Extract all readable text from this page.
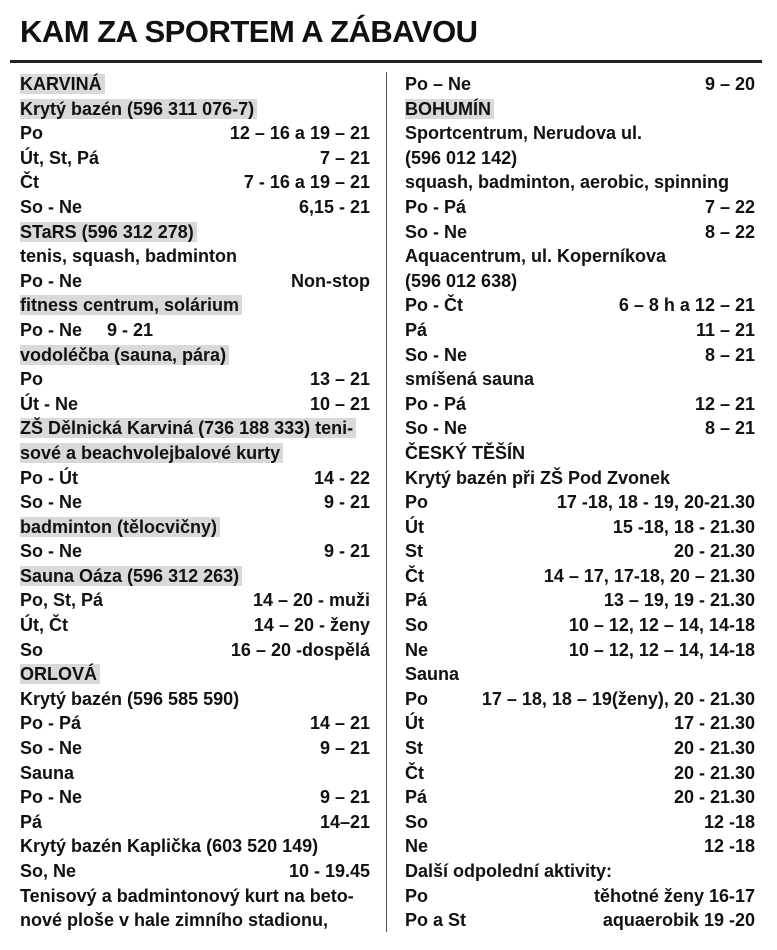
KAM ZA SPORTEM A ZÁBAVOU
KARVINÁ
Krytý bazén (596 311 076-7)
Po	12 – 16 a 19 – 21
Út, St, Pá	7 – 21
Čt	7 - 16 a 19 – 21
So - Ne	6,15 - 21
STaRS (596 312 278)
tenis, squash, badminton
Po - Ne	Non-stop
fitness centrum, solárium
Po - Ne     9 - 21
vodoléčba (sauna, pára)
Po	13 – 21
Út - Ne	10 – 21
ZŠ Dělnická Karviná (736 188 333) teni-
sové a beachvolejbalové kurty
Po - Út	14 - 22
So - Ne	9 - 21
badminton (tělocvičny)
So - Ne	9 - 21
Sauna Oáza (596 312 263)
Po, St, Pá	14 – 20 - muži
Út, Čt	14 – 20 - ženy
So	16 – 20 -dospělá
ORLOVÁ
Krytý bazén (596 585 590)
Po - Pá	14 – 21
So - Ne	9 – 21
Sauna
Po - Ne	9 – 21
Pá	14–21
Krytý bazén Kaplička (603 520 149)
So, Ne	10 - 19.45
Tenisový a badmintonový kurt na beto-
nové ploše v hale zimního stadionu,
Po – Ne	9 – 20
BOHUMÍN
Sportcentrum, Nerudova ul.
(596 012 142)
squash, badminton, aerobic, spinning
Po - Pá	7 – 22
So - Ne	8 – 22
Aquacentrum, ul. Koperníkova
(596 012 638)
Po - Čt	6 – 8 h a 12 – 21
Pá	11 – 21
So - Ne	8 – 21
smíšená sauna
Po - Pá	12 – 21
So - Ne	8 – 21
ČESKÝ TĚŠÍN
Krytý bazén při ZŠ Pod Zvonek
Po	17 -18, 18 - 19, 20-21.30
Út	15 -18, 18 - 21.30
St	20 - 21.30
Čt	14 – 17, 17-18, 20 – 21.30
Pá	13 – 19, 19 - 21.30
So	10 – 12, 12 – 14, 14-18
Ne	10 – 12, 12 – 14, 14-18
Sauna
Po	17 – 18, 18 – 19(ženy), 20 - 21.30
Út	17 - 21.30
St	20 - 21.30
Čt	20 - 21.30
Pá	20 - 21.30
So	12 -18
Ne	12 -18
Další odpolední aktivity:
Po	těhotné ženy 16-17
Po a St	aquaerobik 19 -20
